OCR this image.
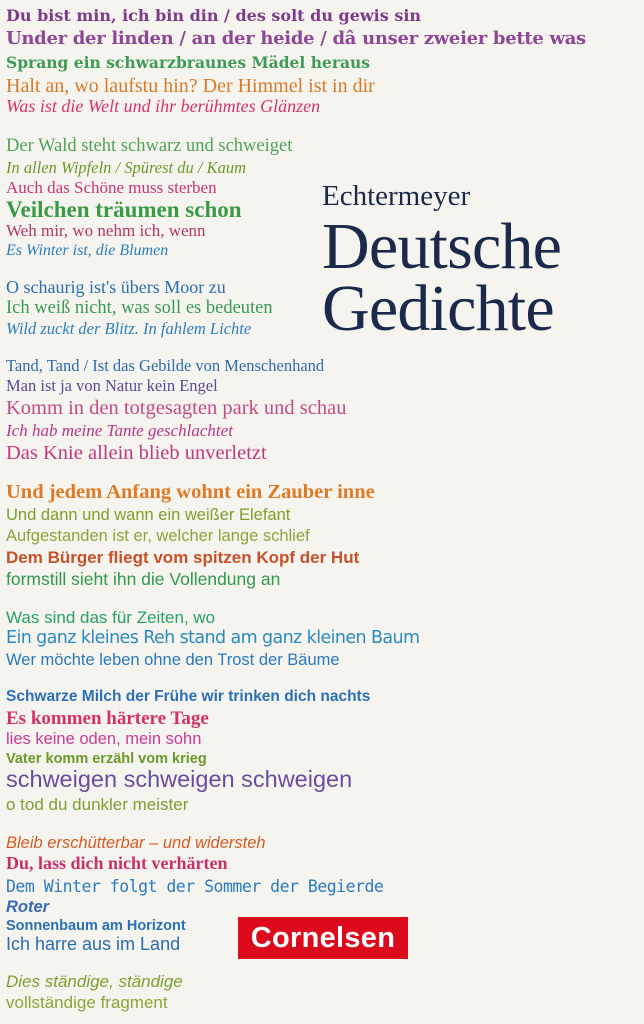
Du bist min, ich bin din / des solt du gewis sin
Under der linden / an der heide / dâ unser zweier bette was
Sprang ein schwarzbraunes Mädel heraus
Halt an, wo laufstu hin? Der Himmel ist in dir
Was ist die Welt und ihr berühmtes Glänzen
Der Wald steht schwarz und schweiget
In allen Wipfeln / Spürest du / Kaum
Auch das Schöne muss sterben
Veilchen träumen schon
Weh mir, wo nehm ich, wenn
Es Winter ist, die Blumen
O schaurig ist's übers Moor zu
Ich weiß nicht, was soll es bedeuten
Wild zuckt der Blitz. In fahlem Lichte
Tand, Tand / Ist das Gebilde von Menschenhand
Man ist ja von Natur kein Engel
Komm in den totgesagten park und schau
Ich hab meine Tante geschlachtet
Das Knie allein blieb unverletzt
Und jedem Anfang wohnt ein Zauber inne
Und dann und wann ein weißer Elefant
Aufgestanden ist er, welcher lange schlief
Dem Bürger fliegt vom spitzen Kopf der Hut
formstill sieht ihn die Vollendung an
Was sind das für Zeiten, wo
Ein ganz kleines Reh stand am ganz kleinen Baum
Wer möchte leben ohne den Trost der Bäume
Schwarze Milch der Frühe wir trinken dich nachts
Es kommen härtere Tage
lies keine oden, mein sohn
Vater komm erzähl vom krieg
schweigen schweigen schweigen
o tod du dunkler meister
Bleib erschütterbar – und widersteh
Du, lass dich nicht verhärten
Dem Winter folgt der Sommer der Begierde
Roter
Sonnenbaum am Horizont
Ich harre aus im Land
Dies ständige, ständige
vollständige fragment
Echtermeyer
Deutsche
Gedichte
Cornelsen
